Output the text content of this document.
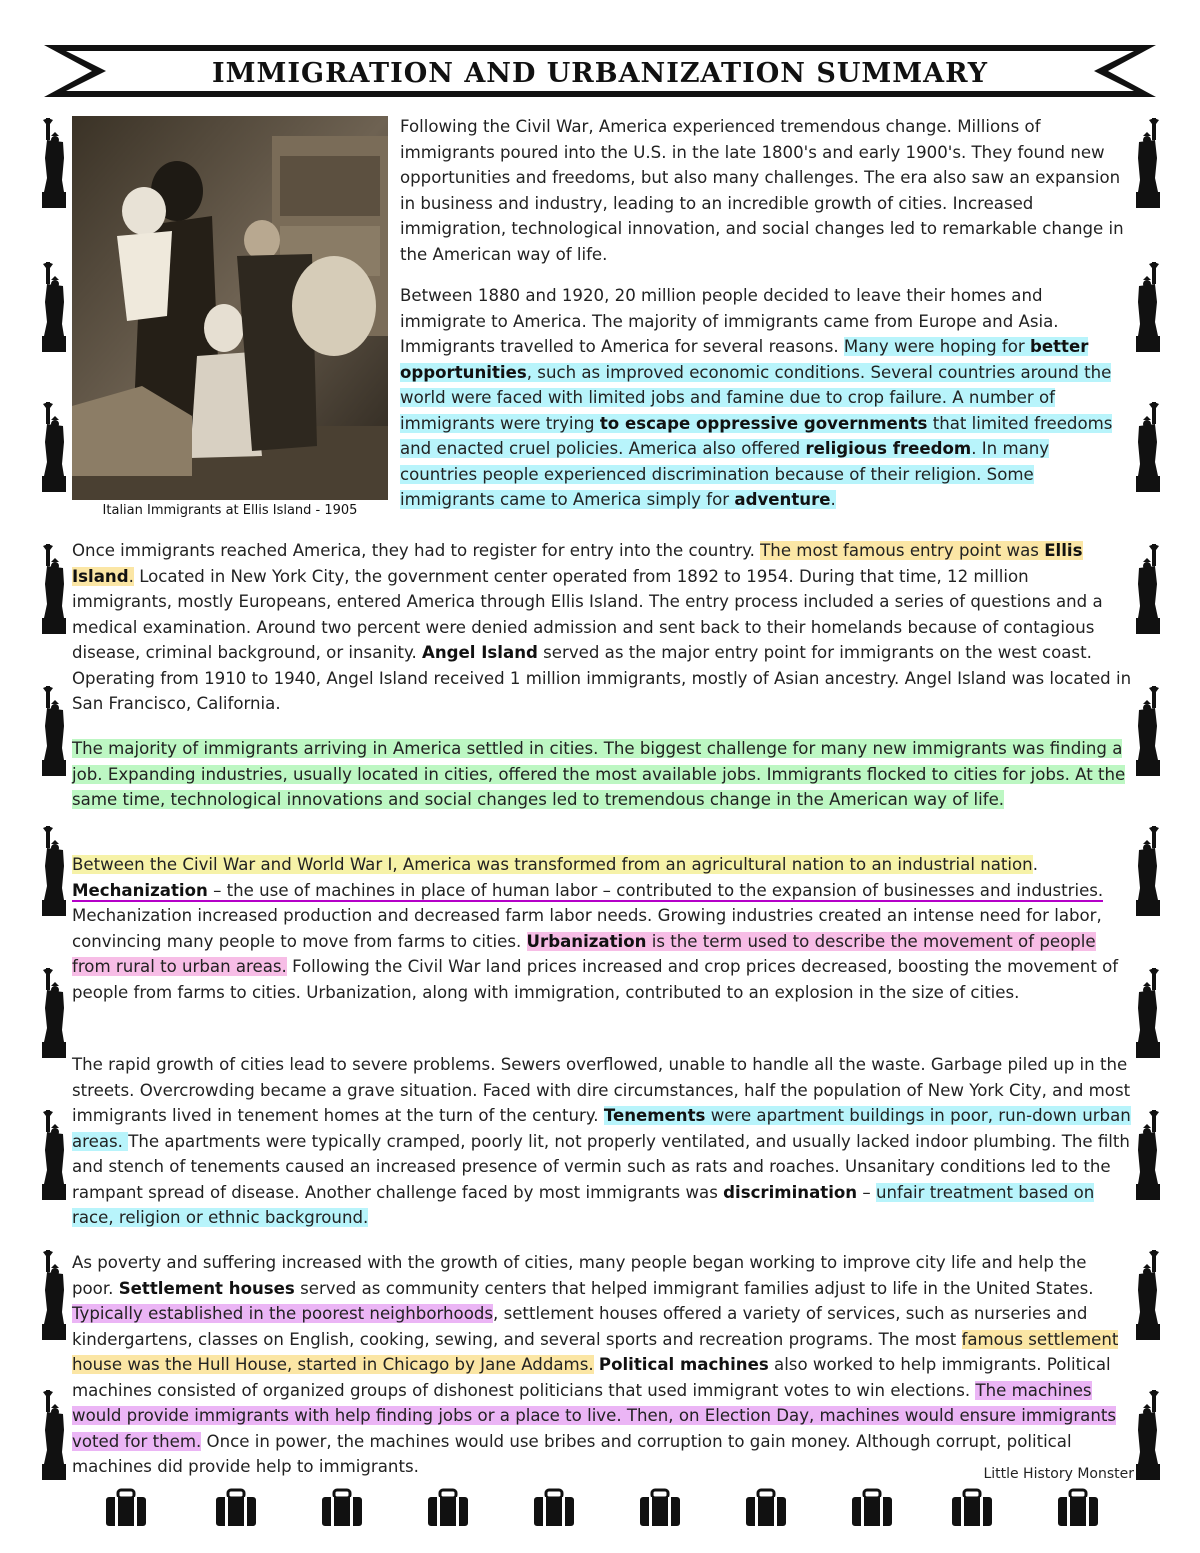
IMMIGRATION AND URBANIZATION SUMMARY
Italian Immigrants at Ellis Island - 1905

Following the Civil War, America experienced tremendous change. Millions of immigrants poured into the U.S. in the late 1800's and early 1900's. They found new opportunities and freedoms, but also many challenges. The era also saw an expansion in business and industry, leading to an incredible growth of cities. Increased immigration, technological innovation, and social changes led to remarkable change in the American way of life.

Between 1880 and 1920, 20 million people decided to leave their homes and immigrate to America. The majority of immigrants came from Europe and Asia. Immigrants travelled to America for several reasons. Many were hoping for better opportunities, such as improved economic conditions. Several countries around the world were faced with limited jobs and famine due to crop failure. A number of immigrants were trying to escape oppressive governments that limited freedoms and enacted cruel policies. America also offered religious freedom. In many countries people experienced discrimination because of their religion. Some immigrants came to America simply for adventure.

Once immigrants reached America, they had to register for entry into the country. The most famous entry point was Ellis Island. Located in New York City, the government center operated from 1892 to 1954. During that time, 12 million immigrants, mostly Europeans, entered America through Ellis Island. The entry process included a series of questions and a medical examination. Around two percent were denied admission and sent back to their homelands because of contagious disease, criminal background, or insanity. Angel Island served as the major entry point for immigrants on the west coast. Operating from 1910 to 1940, Angel Island received 1 million immigrants, mostly of Asian ancestry. Angel Island was located in San Francisco, California.

The majority of immigrants arriving in America settled in cities. The biggest challenge for many new immigrants was finding a job. Expanding industries, usually located in cities, offered the most available jobs. Immigrants flocked to cities for jobs. At the same time, technological innovations and social changes led to tremendous change in the American way of life.

Between the Civil War and World War I, America was transformed from an agricultural nation to an industrial nation.
Mechanization – the use of machines in place of human labor – contributed to the expansion of businesses and industries. Mechanization increased production and decreased farm labor needs. Growing industries created an intense need for labor, convincing many people to move from farms to cities. Urbanization is the term used to describe the movement of people from rural to urban areas. Following the Civil War land prices increased and crop prices decreased, boosting the movement of people from farms to cities. Urbanization, along with immigration, contributed to an explosion in the size of cities.

The rapid growth of cities lead to severe problems. Sewers overflowed, unable to handle all the waste. Garbage piled up in the streets. Overcrowding became a grave situation. Faced with dire circumstances, half the population of New York City, and most immigrants lived in tenement homes at the turn of the century. Tenements were apartment buildings in poor, run-down urban areas. The apartments were typically cramped, poorly lit, not properly ventilated, and usually lacked indoor plumbing. The filth and stench of tenements caused an increased presence of vermin such as rats and roaches. Unsanitary conditions led to the rampant spread of disease. Another challenge faced by most immigrants was discrimination – unfair treatment based on race, religion or ethnic background.

As poverty and suffering increased with the growth of cities, many people began working to improve city life and help the poor. Settlement houses served as community centers that helped immigrant families adjust to life in the United States. Typically established in the poorest neighborhoods, settlement houses offered a variety of services, such as nurseries and kindergartens, classes on English, cooking, sewing, and several sports and recreation programs. The most famous settlement house was the Hull House, started in Chicago by Jane Addams. Political machines also worked to help immigrants. Political machines consisted of organized groups of dishonest politicians that used immigrant votes to win elections. The machines would provide immigrants with help finding jobs or a place to live. Then, on Election Day, machines would ensure immigrants voted for them. Once in power, the machines would use bribes and corruption to gain money. Although corrupt, political machines did provide help to immigrants.	Little History Monster
